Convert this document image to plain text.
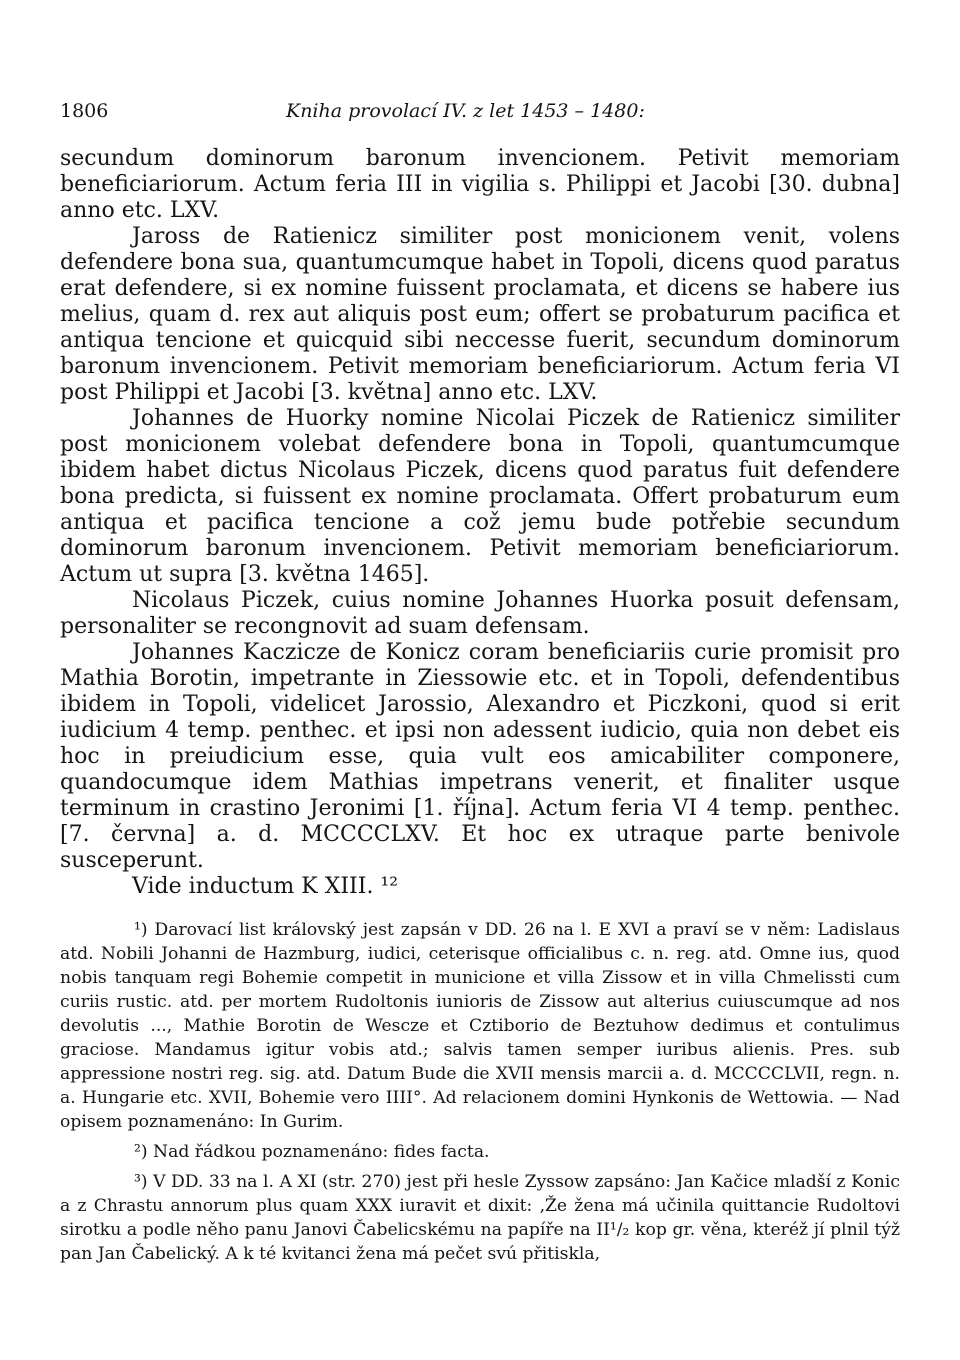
1806	Kniha provolací IV. z let 1453 – 1480:

secundum dominorum baronum invencionem. Petivit memoriam beneficiariorum. Actum feria III in vigilia s. Philippi et Jacobi [30. dubna] anno etc. LXV.

Jaross de Ratienicz similiter post monicionem venit, volens defendere bona sua, quantumcumque habet in Topoli, dicens quod paratus erat defendere, si ex nomine fuissent proclamata, et dicens se habere ius melius, quam d. rex aut aliquis post eum; offert se probaturum pacifica et antiqua tencione et quicquid sibi neccesse fuerit, secundum dominorum baronum invencionem. Petivit memoriam beneficiariorum. Actum feria VI post Philippi et Jacobi [3. května] anno etc. LXV.

Johannes de Huorky nomine Nicolai Piczek de Ratienicz similiter post monicionem volebat defendere bona in Topoli, quantumcumque ibidem habet dictus Nicolaus Piczek, dicens quod paratus fuit defendere bona predicta, si fuissent ex nomine proclamata. Offert probaturum eum antiqua et pacifica tencione a což jemu bude potřebie secundum dominorum baronum invencionem. Petivit memoriam beneficiariorum. Actum ut supra [3. května 1465].

Nicolaus Piczek, cuius nomine Johannes Huorka posuit defensam, personaliter se recongnovit ad suam defensam.

Johannes Kaczicze de Konicz coram beneficiariis curie promisit pro Mathia Borotin, impetrante in Ziessowie etc. et in Topoli, defendentibus ibidem in Topoli, videlicet Jarossio, Alexandro et Piczkoni, quod si erit iudicium 4 temp. penthec. et ipsi non adessent iudicio, quia non debet eis hoc in preiudicium esse, quia vult eos amicabiliter componere, quandocumque idem Mathias impetrans venerit, et finaliter usque terminum in crastino Jeronimi [1. října]. Actum feria VI 4 temp. penthec. [7. června] a. d. MCCCCLXV. Et hoc ex utraque parte benivole susceperunt.

Vide inductum K XIII. ¹²

¹) Darovací list královský jest zapsán v DD. 26 na l. E XVI a praví se v něm: Ladislaus atd. Nobili Johanni de Hazmburg, iudici, ceterisque officialibus c. n. reg. atd. Omne ius, quod nobis tanquam regi Bohemie competit in municione et villa Zissow et in villa Chmelissti cum curiis rustic. atd. per mortem Rudoltonis iunioris de Zissow aut alterius cuiuscumque ad nos devolutis ..., Mathie Borotin de Wescze et Cztiborio de Beztuhow dedimus et contulimus graciose. Mandamus igitur vobis atd.; salvis tamen semper iuribus alienis. Pres. sub appressione nostri reg. sig. atd. Datum Bude die XVII mensis marcii a. d. MCCCCLVII, regn. n. a. Hungarie etc. XVII, Bohemie vero IIII°. Ad relacionem domini Hynkonis de Wettowia. — Nad opisem poznamenáno: In Gurim.

²) Nad řádkou poznamenáno: fides facta.

³) V DD. 33 na l. A XI (str. 270) jest při hesle Zyssow zapsáno: Jan Kačice mladší z Konic a z Chrastu annorum plus quam XXX iuravit et dixit: ‚Že žena má učinila quittancie Rudoltovi sirotku a podle něho panu Janovi Čabelicskému na papíře na II¹/₂ kop gr. věna, kteréž jí plnil týž pan Jan Čabelický. A k té kvitanci žena má pečet svú přitiskla,
